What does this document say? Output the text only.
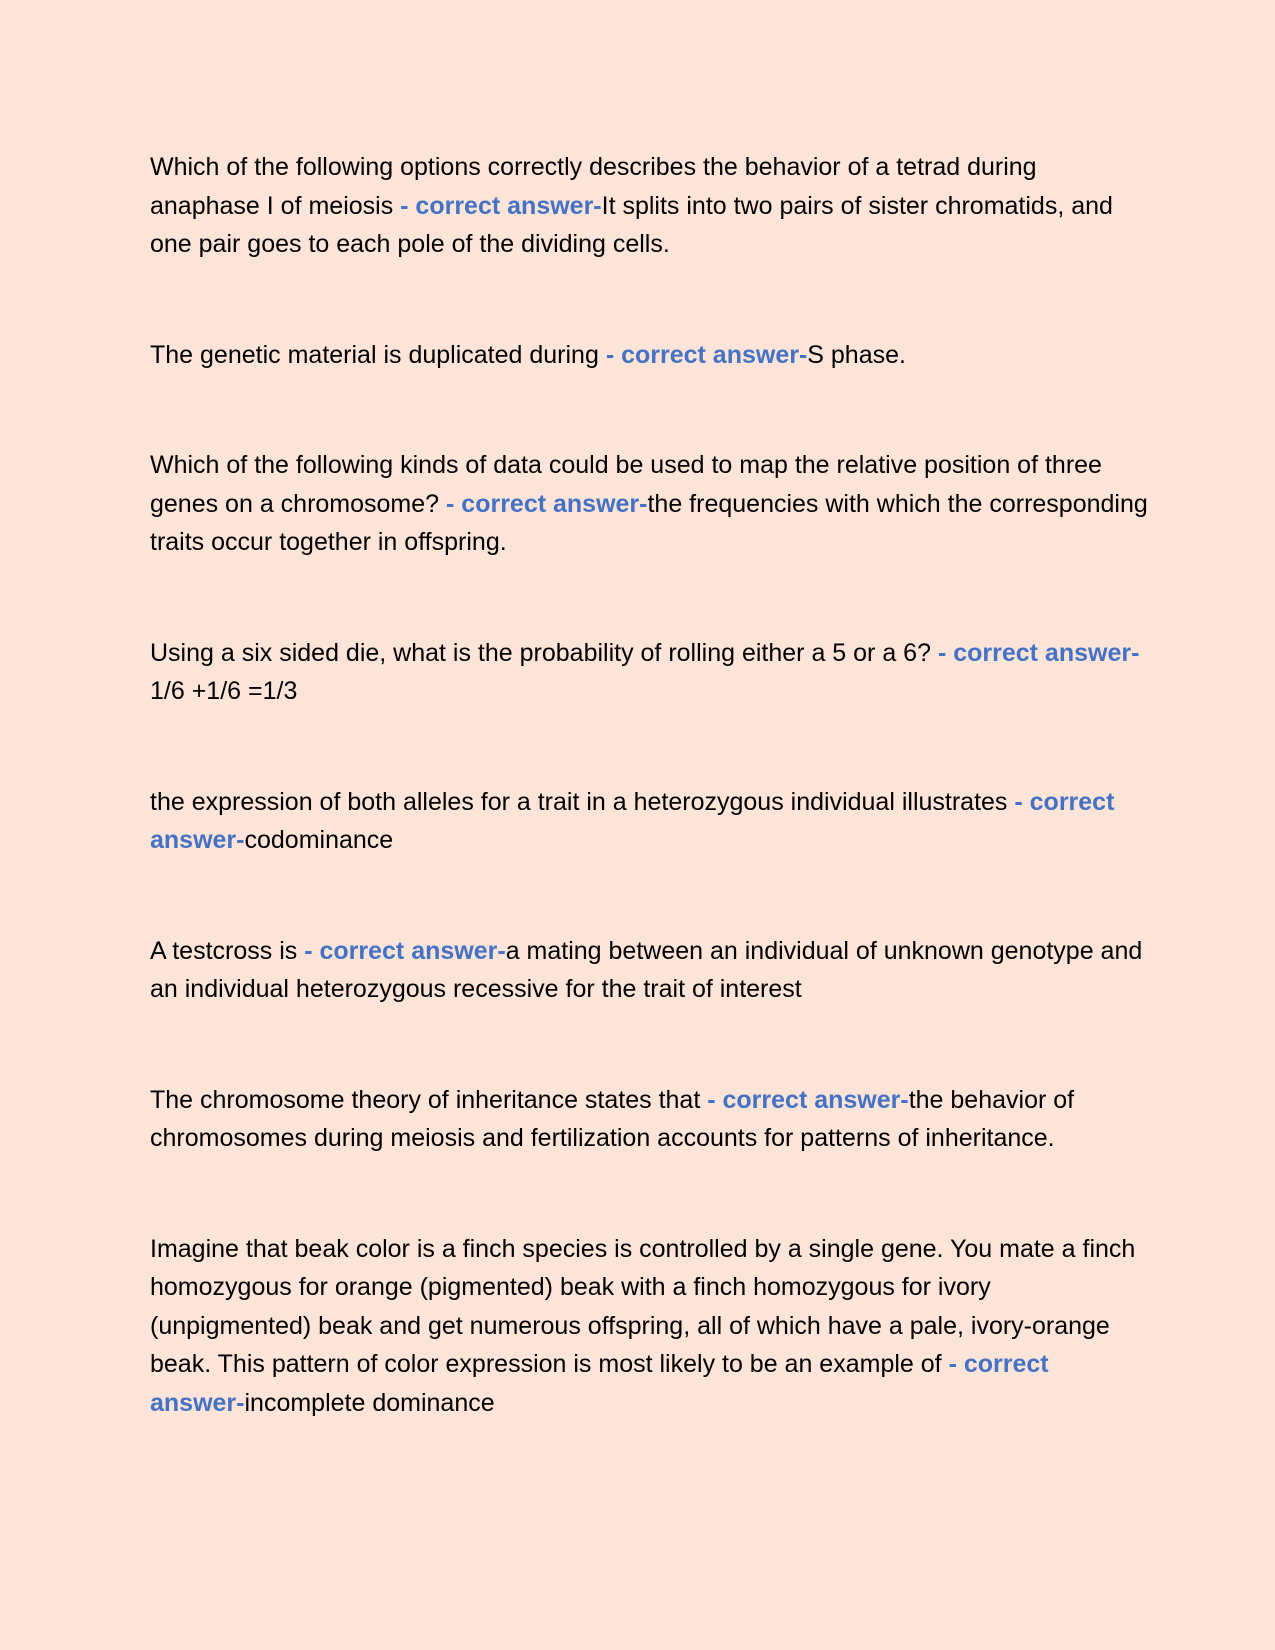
Which of the following options correctly describes the behavior of a tetrad during anaphase I of meiosis - correct answer-It splits into two pairs of sister chromatids, and one pair goes to each pole of the dividing cells.

The genetic material is duplicated during - correct answer-S phase.

Which of the following kinds of data could be used to map the relative position of three genes on a chromosome? - correct answer-the frequencies with which the corresponding traits occur together in offspring.

Using a six sided die, what is the probability of rolling either a 5 or a 6? - correct answer-1/6 +1/6 =1/3

the expression of both alleles for a trait in a heterozygous individual illustrates - correct answer-codominance

A testcross is - correct answer-a mating between an individual of unknown genotype and an individual heterozygous recessive for the trait of interest

The chromosome theory of inheritance states that - correct answer-the behavior of chromosomes during meiosis and fertilization accounts for patterns of inheritance.

Imagine that beak color is a finch species is controlled by a single gene. You mate a finch homozygous for orange (pigmented) beak with a finch homozygous for ivory (unpigmented) beak and get numerous offspring, all of which have a pale, ivory-orange beak. This pattern of color expression is most likely to be an example of - correct answer-incomplete dominance
